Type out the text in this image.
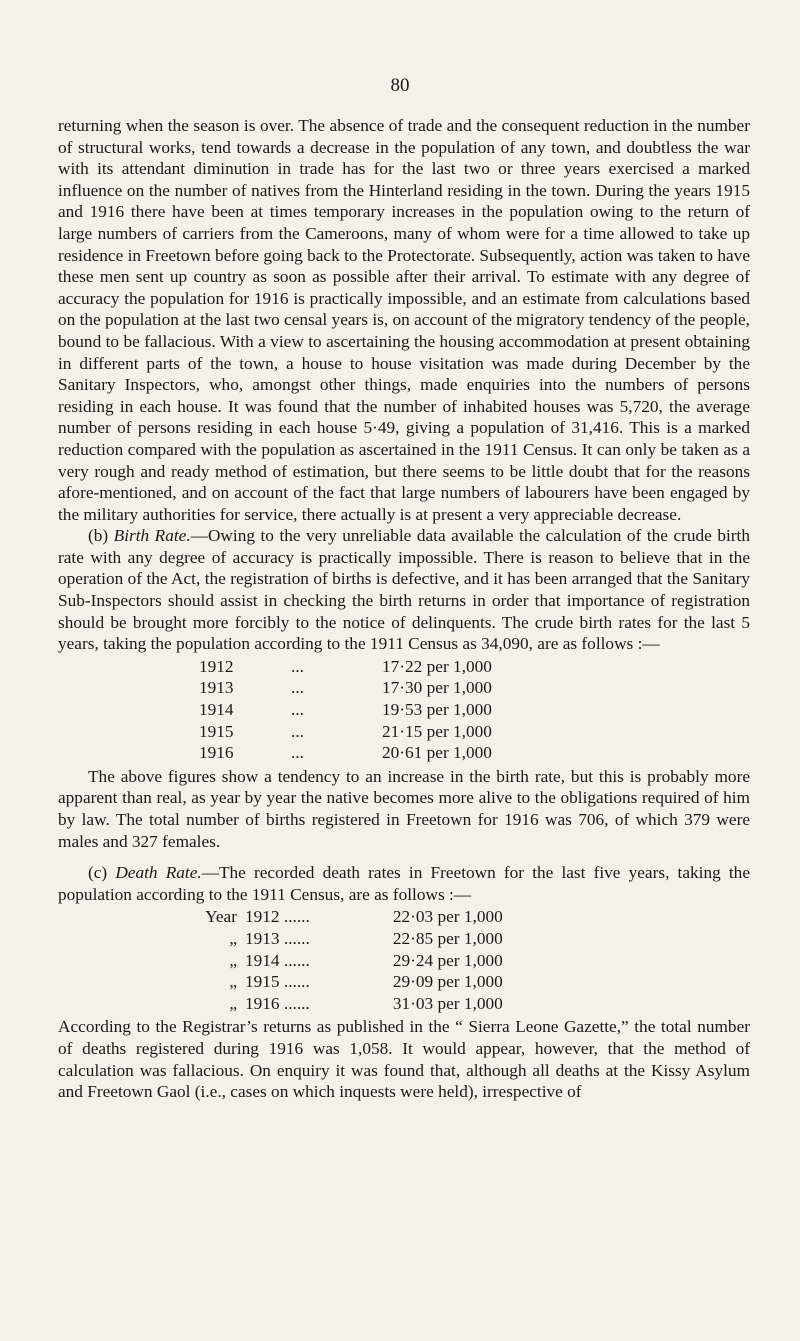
80

returning when the season is over. The absence of trade and the consequent reduction in the number of structural works, tend towards a decrease in the population of any town, and doubtless the war with its attendant diminution in trade has for the last two or three years exercised a marked influence on the number of natives from the Hinterland residing in the town. During the years 1915 and 1916 there have been at times temporary increases in the population owing to the return of large numbers of carriers from the Cameroons, many of whom were for a time allowed to take up residence in Freetown before going back to the Protectorate. Subsequently, action was taken to have these men sent up country as soon as possible after their arrival. To estimate with any degree of accuracy the population for 1916 is practically impossible, and an estimate from calculations based on the population at the last two censal years is, on account of the migratory tendency of the people, bound to be fallacious. With a view to ascertaining the housing accommodation at present obtaining in different parts of the town, a house to house visitation was made during December by the Sanitary Inspectors, who, amongst other things, made enquiries into the numbers of persons residing in each house. It was found that the number of inhabited houses was 5,720, the average number of persons residing in each house 5·49, giving a population of 31,416. This is a marked reduction compared with the population as ascertained in the 1911 Census. It can only be taken as a very rough and ready method of estimation, but there seems to be little doubt that for the reasons afore-mentioned, and on account of the fact that large numbers of labourers have been engaged by the military authorities for service, there actually is at present a very appreciable decrease.

(b) Birth Rate.—Owing to the very unreliable data available the calculation of the crude birth rate with any degree of accuracy is practically impossible. There is reason to believe that in the operation of the Act, the registration of births is defective, and it has been arranged that the Sanitary Sub-Inspectors should assist in checking the birth returns in order that importance of registration should be brought more forcibly to the notice of delinquents. The crude birth rates for the last 5 years, taking the population according to the 1911 Census as 34,090, are as follows :—

1912	...	17·22 per 1,000
1913	...	17·30 per 1,000
1914	...	19·53 per 1,000
1915	...	21·15 per 1,000
1916	...	20·61 per 1,000

The above figures show a tendency to an increase in the birth rate, but this is probably more apparent than real, as year by year the native becomes more alive to the obligations required of him by law. The total number of births registered in Freetown for 1916 was 706, of which 379 were males and 327 females.

(c) Death Rate.—The recorded death rates in Freetown for the last five years, taking the population according to the 1911 Census, are as follows :—

Year	1912 ...	...	22·03 per 1,000
„	1913 ...	...	22·85 per 1,000
„	1914 ...	...	29·24 per 1,000
„	1915 ...	...	29·09 per 1,000
„	1916 ...	...	31·03 per 1,000

According to the Registrar’s returns as published in the “ Sierra Leone Gazette,” the total number of deaths registered during 1916 was 1,058. It would appear, however, that the method of calculation was fallacious. On enquiry it was found that, although all deaths at the Kissy Asylum and Freetown Gaol (i.e., cases on which inquests were held), irrespective of
